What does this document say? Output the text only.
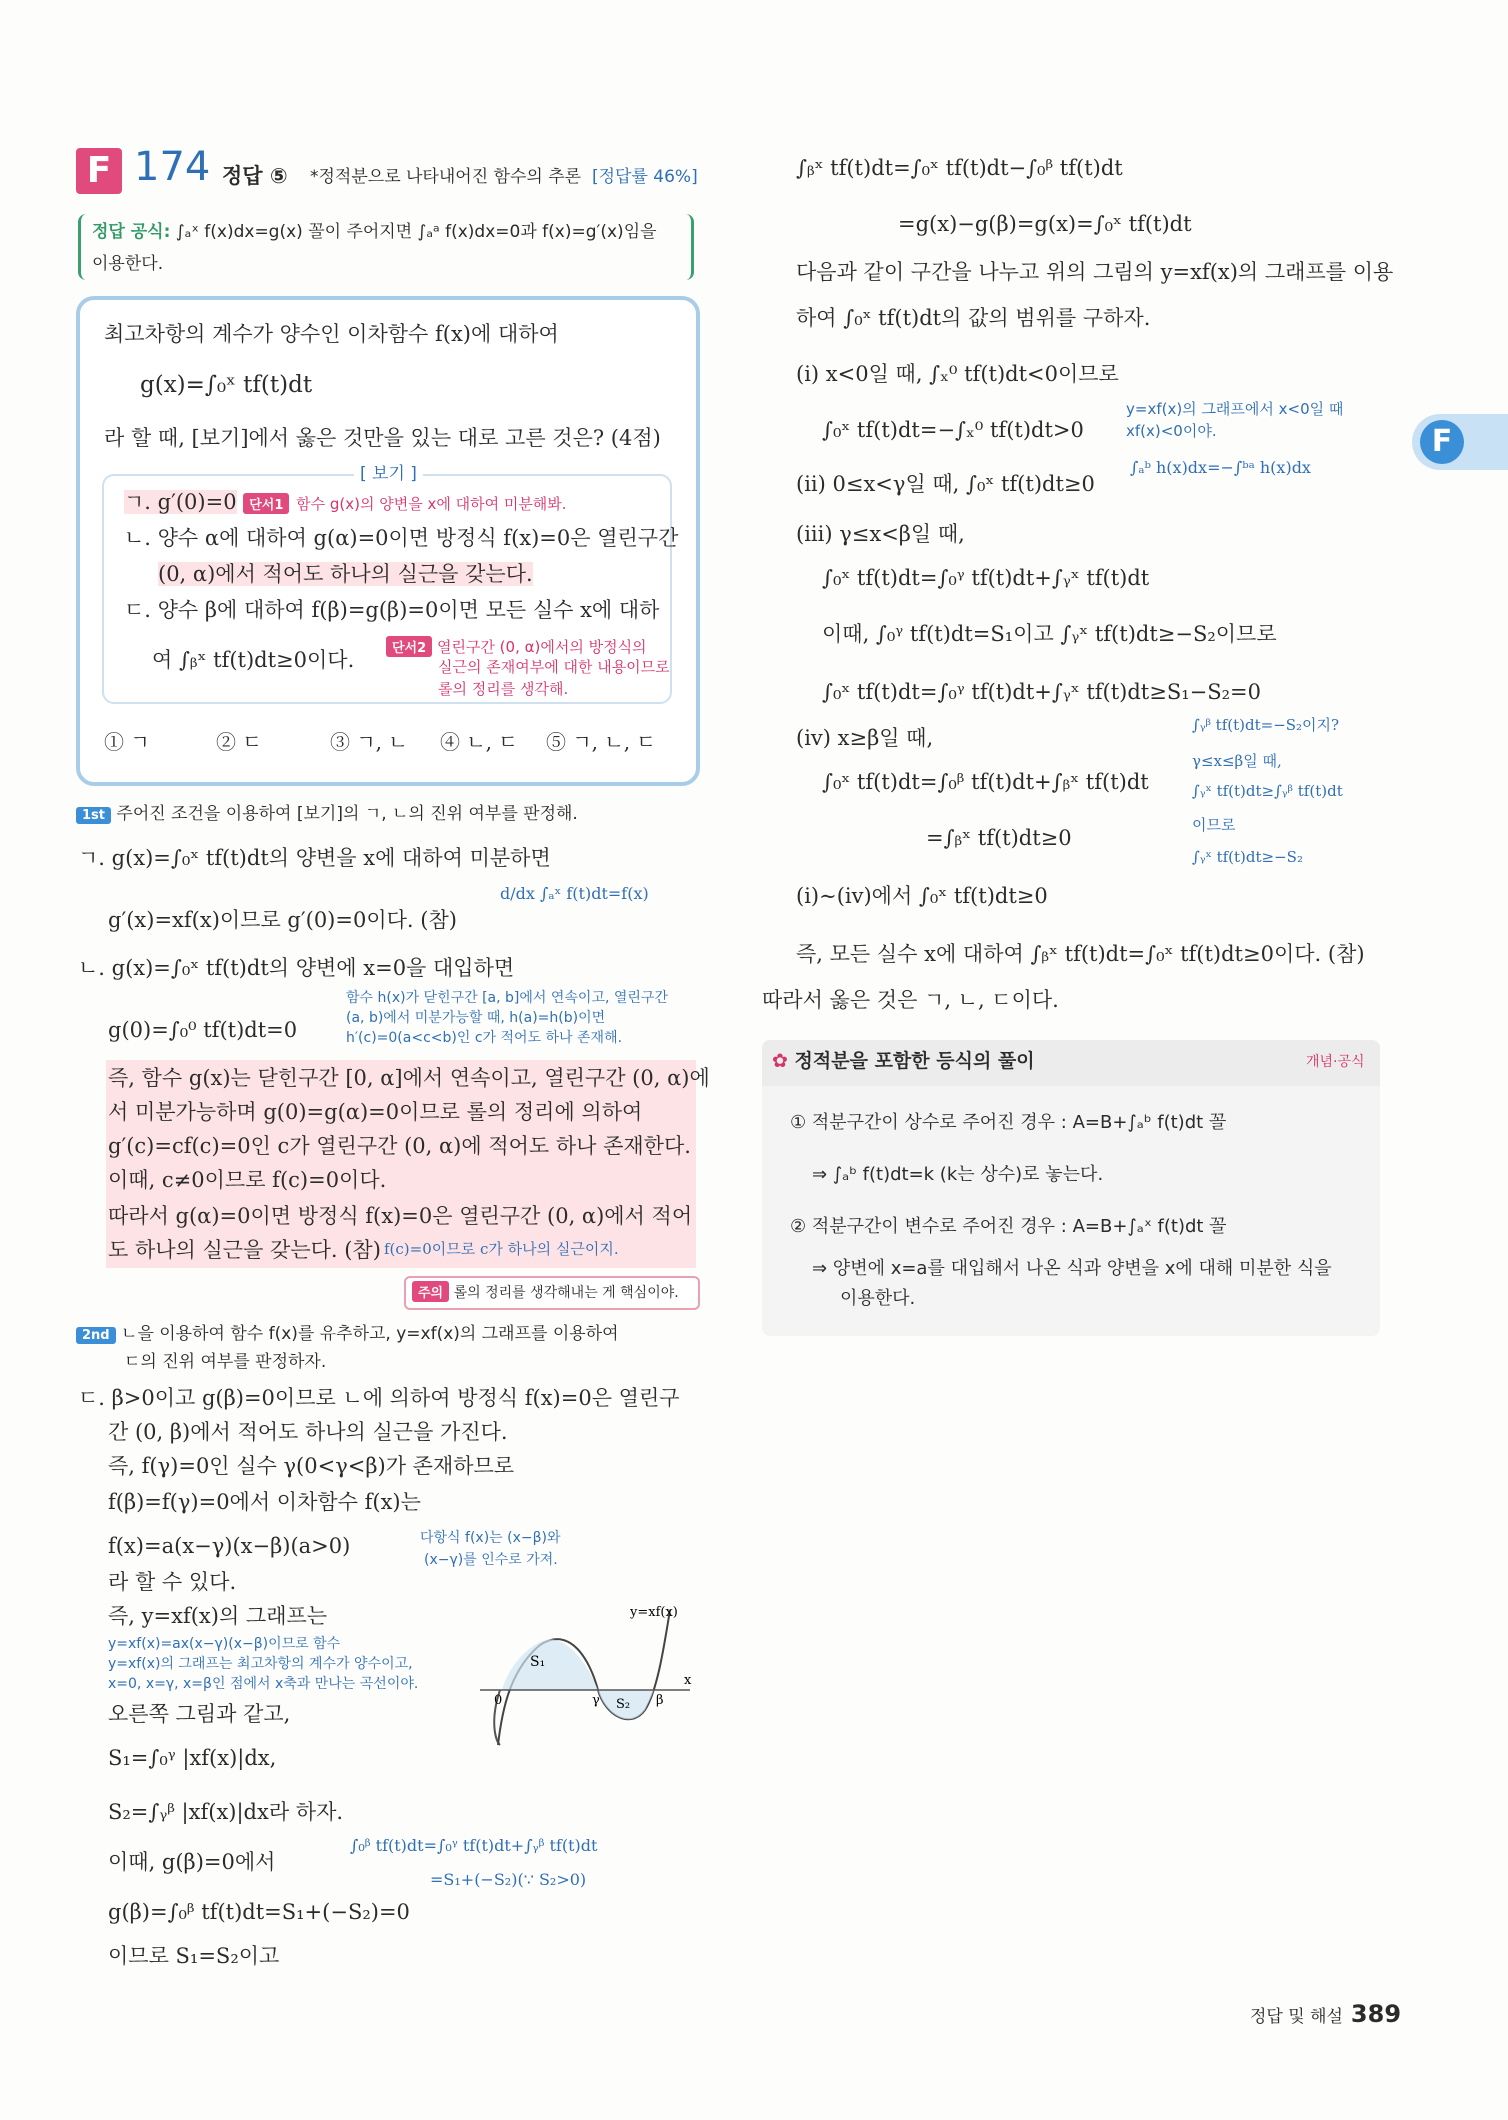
F 174 정답 ⑤ *정적분으로 나타내어진 함수의 추론 [정답률 46%]
정답 공식: ∫ₐˣ f(x)dx=g(x) 꼴이 주어지면 ∫ₐᵃ f(x)dx=0과 f(x)=g′(x)임을
이용한다.
최고차항의 계수가 양수인 이차함수 f(x)에 대하여
g(x)=∫₀ˣ tf(t)dt
라 할 때, [보기]에서 옳은 것만을 있는 대로 고른 것은? (4점)
[ 보기 ]
ㄱ. g′(0)=0 단서1 함수 g(x)의 양변을 x에 대하여 미분해봐.
ㄴ. 양수 α에 대하여 g(α)=0이면 방정식 f(x)=0은 열린구간
(0, α)에서 적어도 하나의 실근을 갖는다.
ㄷ. 양수 β에 대하여 f(β)=g(β)=0이면 모든 실수 x에 대하
여 ∫ᵦˣ tf(t)dt≥0이다.	단서2 열린구간 (0, α)에서의 방정식의
실근의 존재여부에 대한 내용이므로
롤의 정리를 생각해.
① ㄱ	② ㄷ	③ ㄱ, ㄴ ④ ㄴ, ㄷ ⑤ ㄱ, ㄴ, ㄷ
1st 주어진 조건을 이용하여 [보기]의 ㄱ, ㄴ의 진위 여부를 판정해.
ㄱ. g(x)=∫₀ˣ tf(t)dt의 양변을 x에 대하여 미분하면
d/dx ∫ₐˣ f(t)dt=f(x)
g′(x)=xf(x)이므로 g′(0)=0이다. (참)
ㄴ. g(x)=∫₀ˣ tf(t)dt의 양변에 x=0을 대입하면
함수 h(x)가 닫힌구간 [a, b]에서 연속이고, 열린구간
(a, b)에서 미분가능할 때, h(a)=h(b)이면
h′(c)=0(a<c<b)인 c가 적어도 하나 존재해.
g(0)=∫₀⁰ tf(t)dt=0
즉, 함수 g(x)는 닫힌구간 [0, α]에서 연속이고, 열린구간 (0, α)에
서 미분가능하며 g(0)=g(α)=0이므로 롤의 정리에 의하여
g′(c)=cf(c)=0인 c가 열린구간 (0, α)에 적어도 하나 존재한다.
이때, c≠0이므로 f(c)=0이다.
따라서 g(α)=0이면 방정식 f(x)=0은 열린구간 (0, α)에서 적어
도 하나의 실근을 갖는다. (참) f(c)=0이므로 c가 하나의 실근이지.
주의 롤의 정리를 생각해내는 게 핵심이야.
2nd ㄴ을 이용하여 함수 f(x)를 유추하고, y=xf(x)의 그래프를 이용하여
ㄷ의 진위 여부를 판정하자.
ㄷ. β>0이고 g(β)=0이므로 ㄴ에 의하여 방정식 f(x)=0은 열린구
간 (0, β)에서 적어도 하나의 실근을 가진다.
즉, f(γ)=0인 실수 γ(0<γ<β)가 존재하므로
f(β)=f(γ)=0에서 이차함수 f(x)는
f(x)=a(x−γ)(x−β)(a>0)	다항식 f(x)는 (x−β)와
(x−γ)를 인수로 가져.
라 할 수 있다.
즉, y=xf(x)의 그래프는
y=xf(x)=ax(x−γ)(x−β)이므로 함수
y=xf(x)의 그래프는 최고차항의 계수가 양수이고,
x=0, x=γ, x=β인 점에서 x축과 만나는 곡선이야.
오른쪽 그림과 같고,
y=xf(x)
S₁
S₂
0	γ	β
x
S₁=∫₀ᵞ |xf(x)|dx,
S₂=∫ᵧᵝ |xf(x)|dx라 하자.
이때, g(β)=0에서
∫₀ᵝ tf(t)dt=∫₀ᵞ tf(t)dt+∫ᵧᵝ tf(t)dt
=S₁+(−S₂)(∵ S₂>0)
g(β)=∫₀ᵝ tf(t)dt=S₁+(−S₂)=0
이므로 S₁=S₂이고
∫ᵦˣ tf(t)dt=∫₀ˣ tf(t)dt−∫₀ᵝ tf(t)dt
=g(x)−g(β)=g(x)=∫₀ˣ tf(t)dt
다음과 같이 구간을 나누고 위의 그림의 y=xf(x)의 그래프를 이용
하여 ∫₀ˣ tf(t)dt의 값의 범위를 구하자.
(i) x<0일 때, ∫ₓ⁰ tf(t)dt<0이므로
y=xf(x)의 그래프에서 x<0일 때
xf(x)<0이야.
∫₀ˣ tf(t)dt=−∫ₓ⁰ tf(t)dt>0
∫ₐᵇ h(x)dx=−∫ᵇᵃ h(x)dx
(ii) 0≤x<γ일 때, ∫₀ˣ tf(t)dt≥0
(iii) γ≤x<β일 때,
∫₀ˣ tf(t)dt=∫₀ᵞ tf(t)dt+∫ᵧˣ tf(t)dt
이때, ∫₀ᵞ tf(t)dt=S₁이고 ∫ᵧˣ tf(t)dt≥−S₂이므로
∫₀ˣ tf(t)dt=∫₀ᵞ tf(t)dt+∫ᵧˣ tf(t)dt≥S₁−S₂=0
(iv) x≥β일 때,
∫ᵧᵝ tf(t)dt=−S₂이지?
γ≤x≤β일 때,
∫ᵧˣ tf(t)dt≥∫ᵧᵝ tf(t)dt
이므로
∫ᵧˣ tf(t)dt≥−S₂
∫₀ˣ tf(t)dt=∫₀ᵝ tf(t)dt+∫ᵦˣ tf(t)dt
=∫ᵦˣ tf(t)dt≥0
(i)∼(iv)에서 ∫₀ˣ tf(t)dt≥0
즉, 모든 실수 x에 대하여 ∫ᵦˣ tf(t)dt=∫₀ˣ tf(t)dt≥0이다. (참)
따라서 옳은 것은 ㄱ, ㄴ, ㄷ이다.
✿ 정적분을 포함한 등식의 풀이	개념·공식
① 적분구간이 상수로 주어진 경우 : A=B+∫ₐᵇ f(t)dt 꼴
⇒ ∫ₐᵇ f(t)dt=k (k는 상수)로 놓는다.
② 적분구간이 변수로 주어진 경우 : A=B+∫ₐˣ f(t)dt 꼴
⇒ 양변에 x=a를 대입해서 나온 식과 양변을 x에 대해 미분한 식을
이용한다.
F
정답 및 해설 389
